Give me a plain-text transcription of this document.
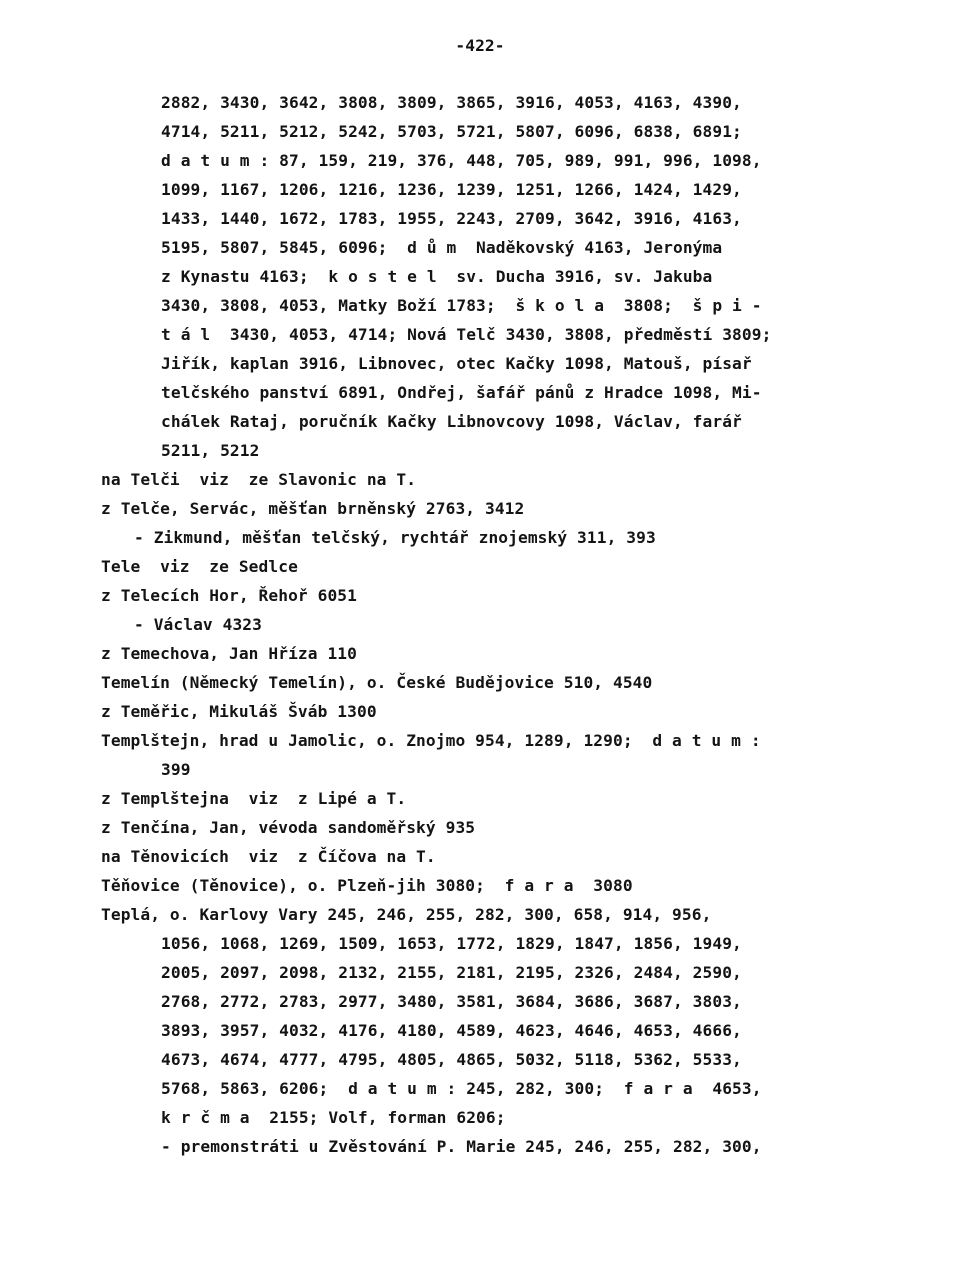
-422-
2882, 3430, 3642, 3808, 3809, 3865, 3916, 4053, 4163, 4390,
4714, 5211, 5212, 5242, 5703, 5721, 5807, 6096, 6838, 6891;
d a t u m : 87, 159, 219, 376, 448, 705, 989, 991, 996, 1098,
1099, 1167, 1206, 1216, 1236, 1239, 1251, 1266, 1424, 1429,
1433, 1440, 1672, 1783, 1955, 2243, 2709, 3642, 3916, 4163,
5195, 5807, 5845, 6096;  d ů m  Naděkovský 4163, Jeronýma
z Kynastu 4163;  k o s t e l  sv. Ducha 3916, sv. Jakuba
3430, 3808, 4053, Matky Boží 1783;  š k o l a  3808;  š p i -
t á l  3430, 4053, 4714; Nová Telč 3430, 3808, předměstí 3809;
Jiřík, kaplan 3916, Libnovec, otec Kačky 1098, Matouš, písař
telčského panství 6891, Ondřej, šafář pánů z Hradce 1098, Mi-
chálek Rataj, poručník Kačky Libnovcovy 1098, Václav, farář
5211, 5212
na Telči  viz  ze Slavonic na T.
z Telče, Servác, měšťan brněnský 2763, 3412
- Zikmund, měšťan telčský, rychtář znojemský 311, 393
Tele  viz  ze Sedlce
z Telecích Hor, Řehoř 6051
- Václav 4323
z Temechova, Jan Hříza 110
Temelín (Německý Temelín), o. České Budějovice 510, 4540
z Teměřic, Mikuláš Šváb 1300
Templštejn, hrad u Jamolic, o. Znojmo 954, 1289, 1290;  d a t u m :
399
z Templštejna  viz  z Lipé a T.
z Tenčína, Jan, vévoda sandoměřský 935
na Těnovicích  viz  z Číčova na T.
Těňovice (Těnovice), o. Plzeň-jih 3080;  f a r a  3080
Teplá, o. Karlovy Vary 245, 246, 255, 282, 300, 658, 914, 956,
1056, 1068, 1269, 1509, 1653, 1772, 1829, 1847, 1856, 1949,
2005, 2097, 2098, 2132, 2155, 2181, 2195, 2326, 2484, 2590,
2768, 2772, 2783, 2977, 3480, 3581, 3684, 3686, 3687, 3803,
3893, 3957, 4032, 4176, 4180, 4589, 4623, 4646, 4653, 4666,
4673, 4674, 4777, 4795, 4805, 4865, 5032, 5118, 5362, 5533,
5768, 5863, 6206;  d a t u m : 245, 282, 300;  f a r a  4653,
k r č m a  2155; Volf, forman 6206;
- premonstráti u Zvěstování P. Marie 245, 246, 255, 282, 300,
